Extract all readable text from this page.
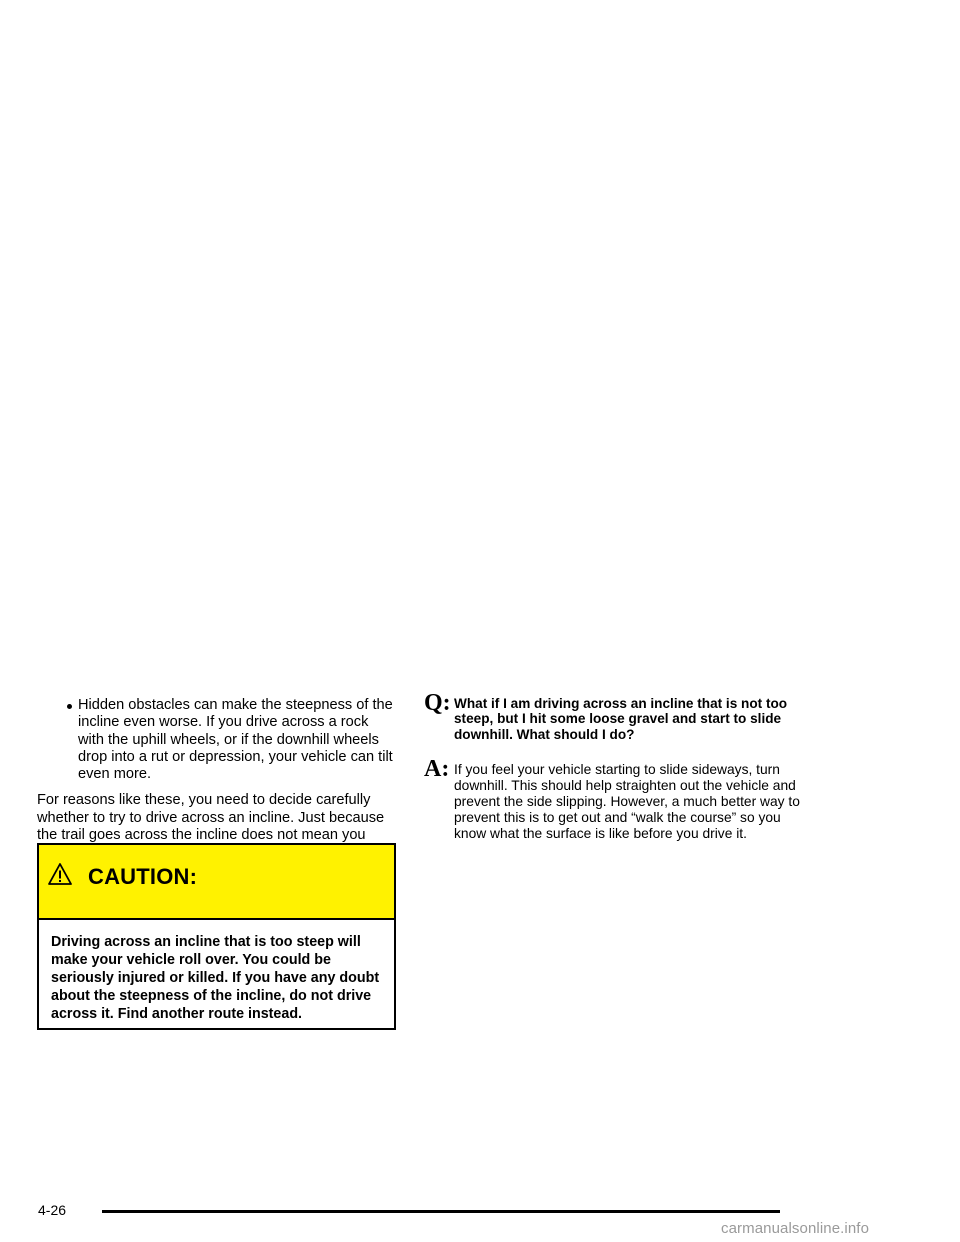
Hidden obstacles can make the steepness of the incline even worse. If you drive across a rock with the uphill wheels, or if the downhill wheels drop into a rut or depression, your vehicle can tilt even more.
For reasons like these, you need to decide carefully whether to try to drive across an incline. Just because the trail goes across the incline does not mean you
CAUTION:
Driving across an incline that is too steep will make your vehicle roll over. You could be seriously injured or killed. If you have any doubt about the steepness of the incline, do not drive across it. Find another route instead.
Q: What if I am driving across an incline that is not too steep, but I hit some loose gravel and start to slide downhill. What should I do?
A: If you feel your vehicle starting to slide sideways, turn downhill. This should help straighten out the vehicle and prevent the side slipping. However, a much better way to prevent this is to get out and “walk the course” so you know what the surface is like before you drive it.
4-26
carmanualsonline.info
